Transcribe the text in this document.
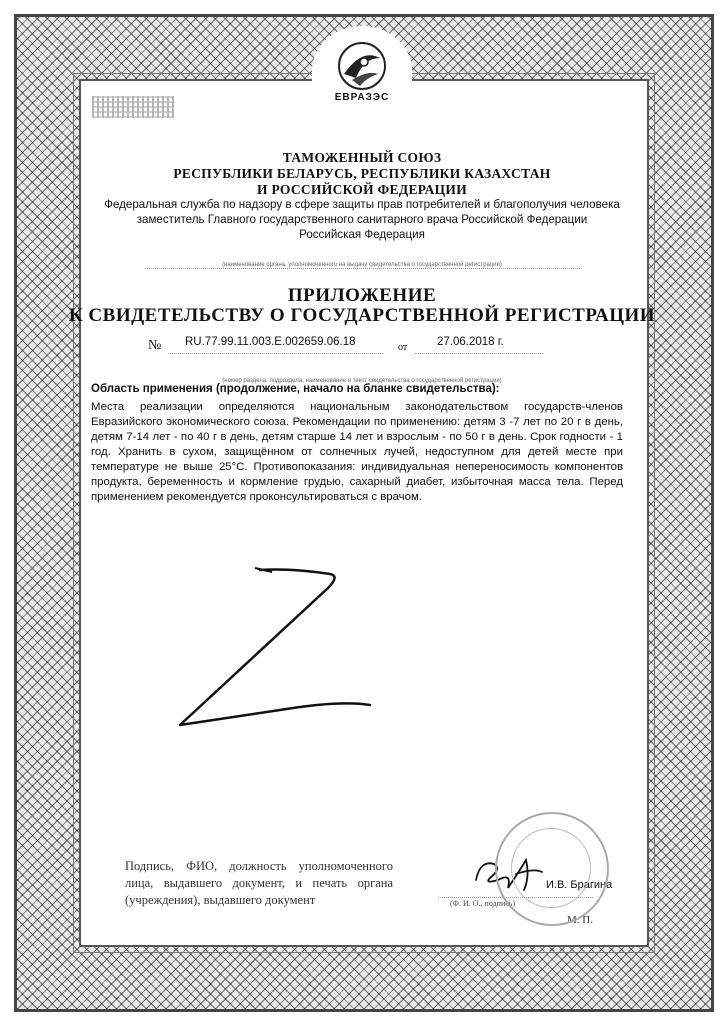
ЕВРАЗЭС
ТАМОЖЕННЫЙ СОЮЗ
РЕСПУБЛИКИ БЕЛАРУСЬ, РЕСПУБЛИКИ КАЗАХСТАН
И РОССИЙСКОЙ ФЕДЕРАЦИИ
Федеральная служба по надзору в сфере защиты прав потребителей и благополучия человека
заместитель Главного государственного санитарного врача Российской Федерации
Российская Федерация
(наименование органа, уполномоченного на выдачу свидетельства о государственной регистрации)
ПРИЛОЖЕНИЕ
К СВИДЕТЕЛЬСТВУ О ГОСУДАРСТВЕННОЙ РЕГИСТРАЦИИ
№ RU.77.99.11.003.Е.002659.06.18	от	27.06.2018 г.
(номер раздела, подраздела, наименование и текст свидетельства о государственной регистрации)
Область применения (продолжение, начало на бланке свидетельства):
Места реализации определяются национальным законодательством государств-членов Евразийского экономического союза. Рекомендации по применению: детям 3 -7 лет по 20 г в день, детям 7-14 лет - по 40 г в день, детям старше 14 лет и взрослым - по 50 г в день. Срок годности - 1 год. Хранить в сухом, защищённом от солнечных лучей, недоступном для детей месте при температуре не выше 25°С. Противопоказания: индивидуальная непереносимость компонентов продукта, беременность и кормление грудью, сахарный диабет, избыточная масса тела. Перед применением рекомендуется проконсультироваться с врачом.
Подпись, ФИО, должность уполномоченного лица, выдавшего документ, и печать органа (учреждения), выдавшего документ
И.В. Брагина
(Ф. И. О., подпись)
М. П.
